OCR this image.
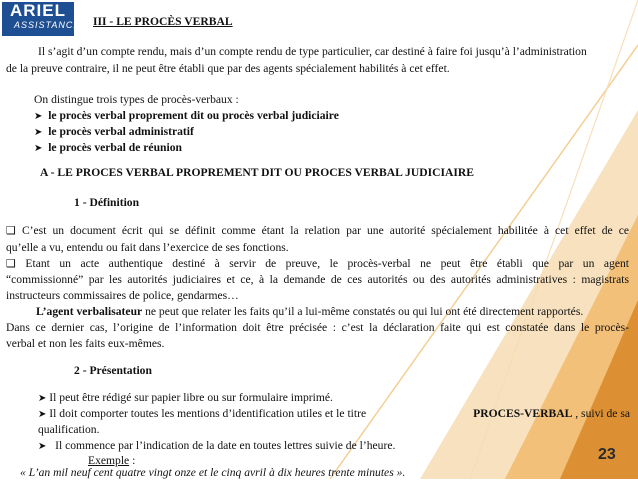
ARIEL
ASSISTANCE III - LE PROCÈS VERBAL
Il s’agit d’un compte rendu, mais d’un compte rendu de type particulier, car destiné à faire foi jusqu’à l’administration
de la preuve contraire, il ne peut être établi que par des agents spécialement habilités à cet effet.
On distingue trois types de procès-verbaux :
➤ le procès verbal proprement dit ou procès verbal judiciaire
➤ le procès verbal administratif
➤ le procès verbal de réunion
A - LE PROCES VERBAL PROPREMENT DIT OU PROCES VERBAL JUDICIAIRE
1 - Définition
❑ C’est un document écrit qui se définit comme étant la relation par une autorité spécialement habilitée à cet effet de ce
qu’elle a vu, entendu ou fait dans l’exercice de ses fonctions.
❑ Etant un acte authentique destiné à servir de preuve, le procès-verbal ne peut être établi que par un agent
“commissionné” par les autorités judiciaires et ce, à la demande de ces autorités ou des autorités administratives : magistrats
instructeurs commissaires de police, gendarmes…
L’agent verbalisateur ne peut que relater les faits qu’il a lui-même constatés ou qui lui ont été directement rapportés.
Dans ce dernier cas, l’origine de l’information doit être précisée : c’est la déclaration faite qui est constatée dans le procès-
verbal et non les faits eux-mêmes.
2 - Présentation
➤ Il peut être rédigé sur papier libre ou sur formulaire imprimé.
➤ Il doit comporter toutes les mentions d’identification utiles et le titre	PROCES-VERBAL , suivi de sa
qualification.
➤ Il commence par l’indication de la date en toutes lettres suivie de l’heure.
Exemple :
« L’an mil neuf cent quatre vingt onze et le cinq avril à dix heures trente minutes ».
23
